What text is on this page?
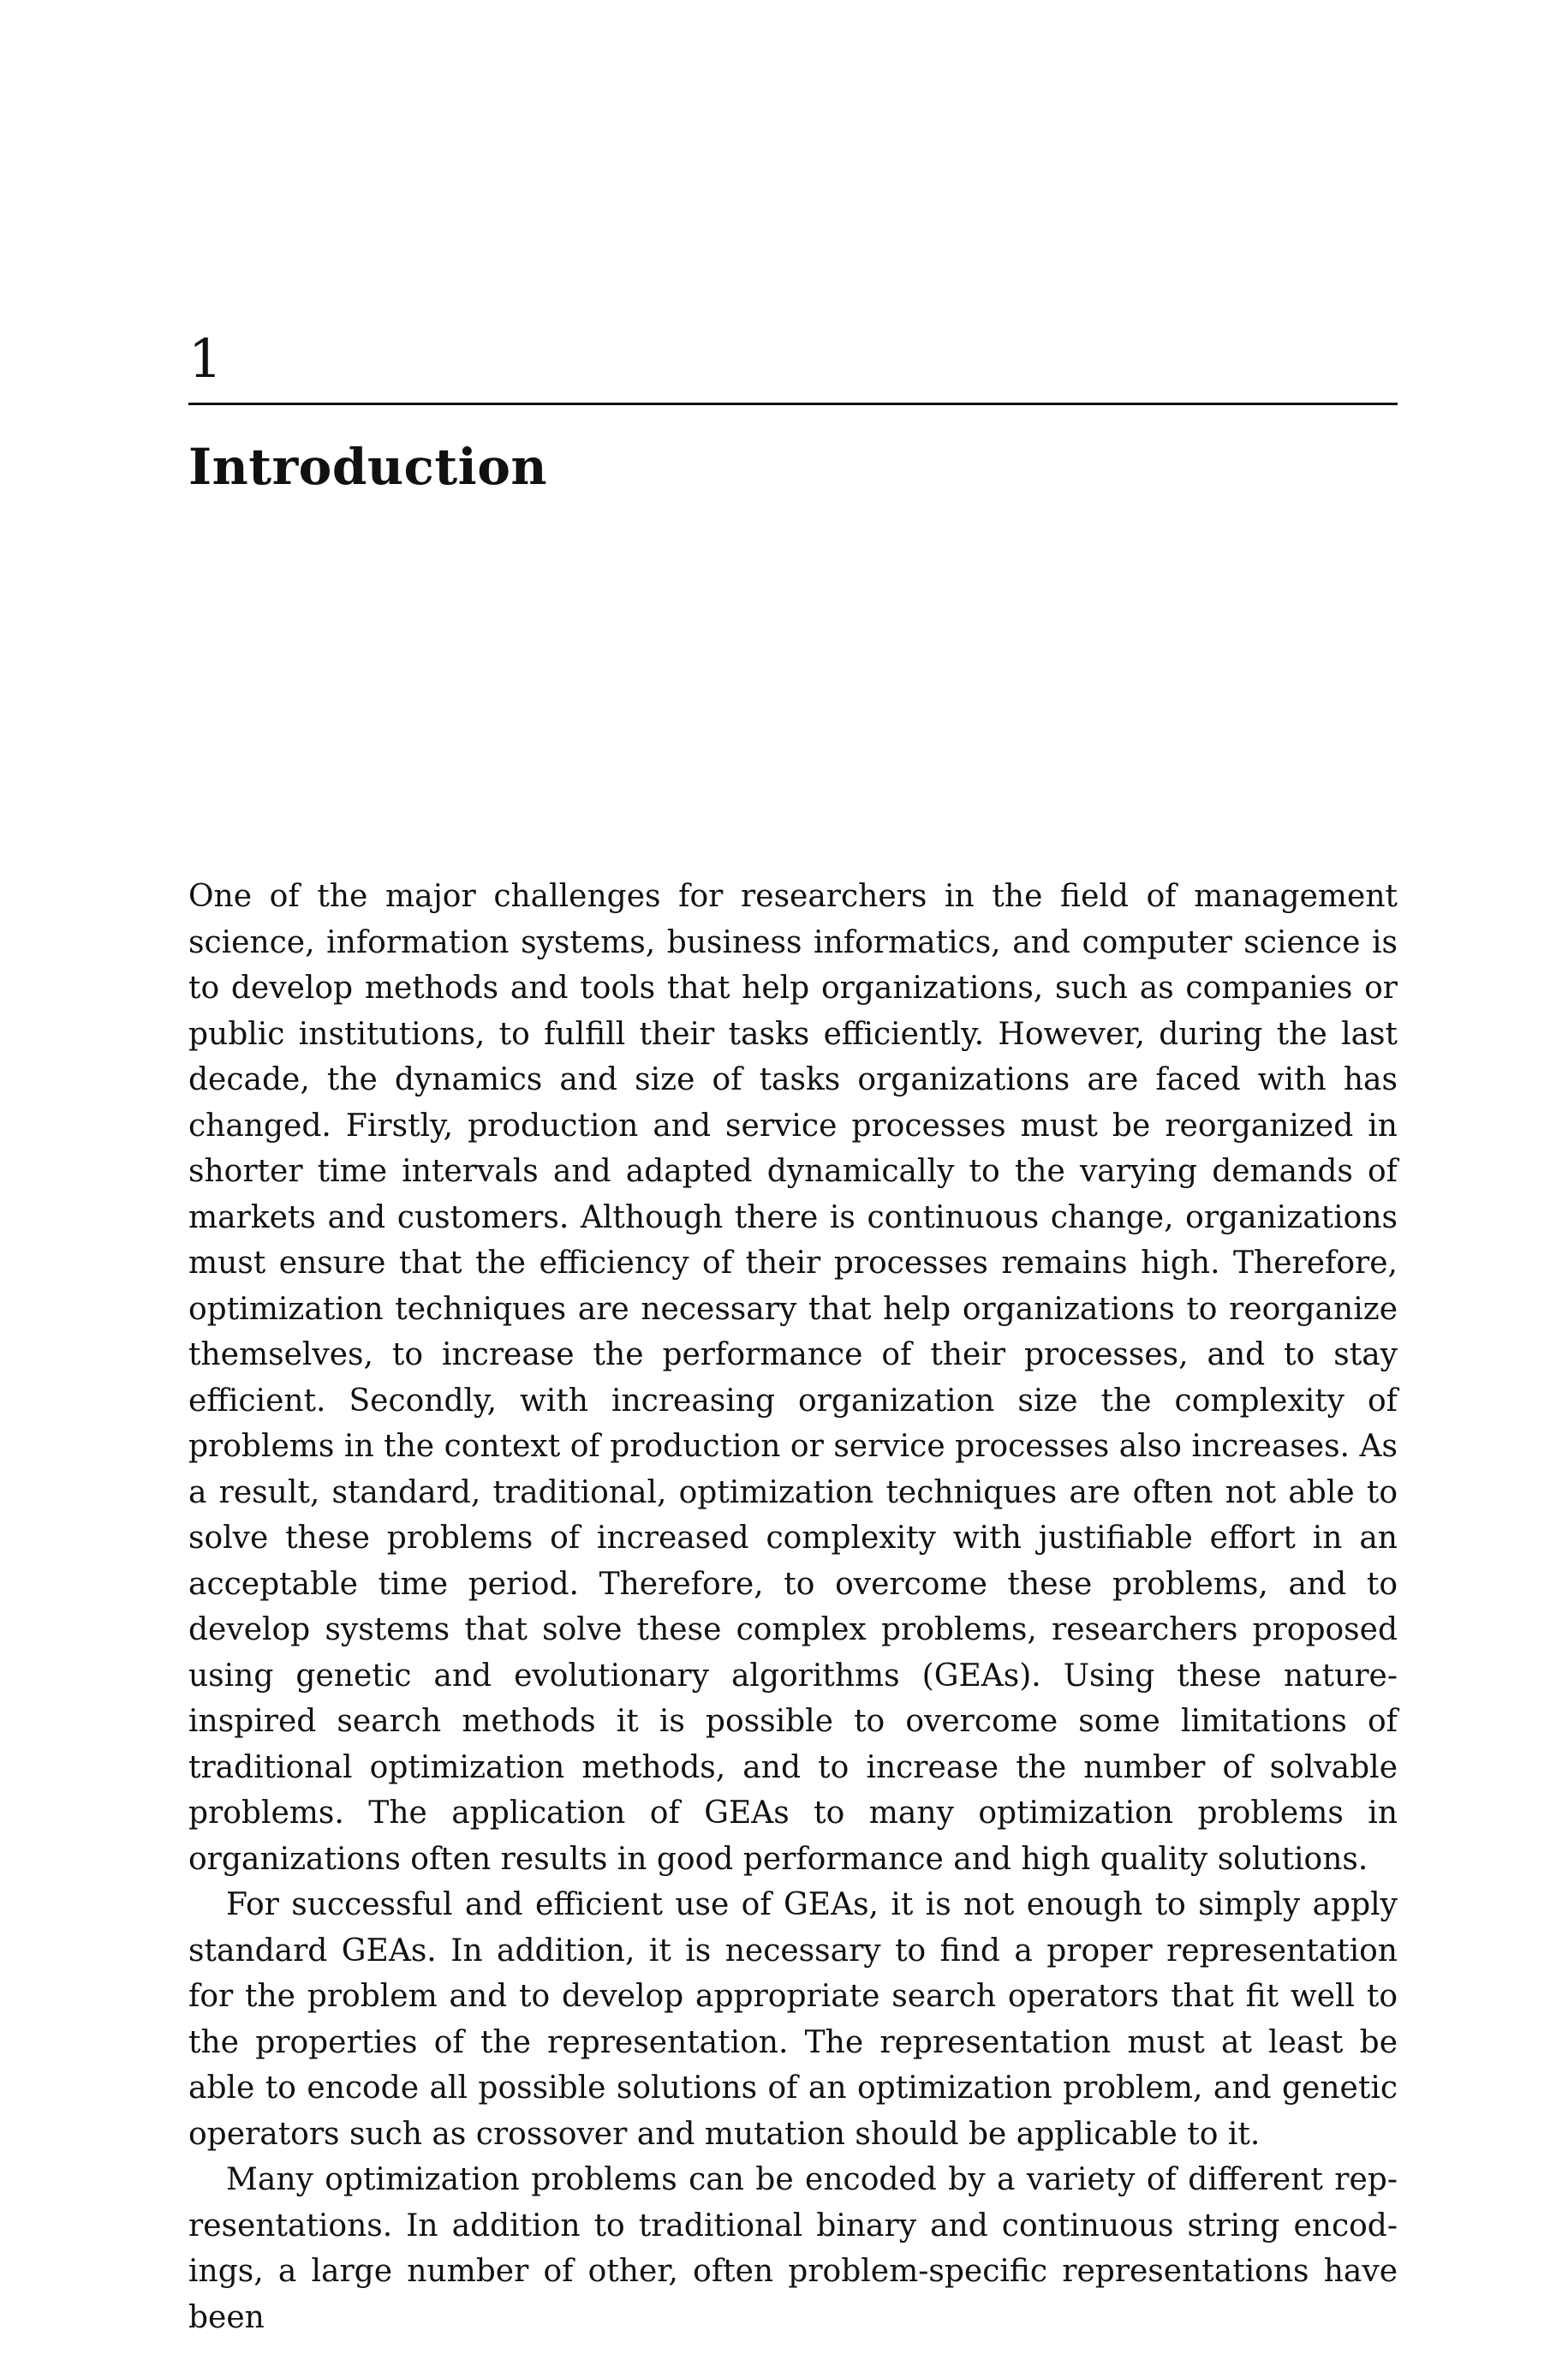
1
Introduction

One of the major challenges for researchers in the field of management science, information systems, business informatics, and computer science is to develop methods and tools that help organizations, such as companies or public institutions, to fulfill their tasks efficiently. However, during the last decade, the dynamics and size of tasks organizations are faced with has changed. Firstly, production and service processes must be reorganized in shorter time intervals and adapted dynamically to the varying demands of markets and customers. Although there is continuous change, organizations must ensure that the efficiency of their processes remains high. Therefore, optimization techniques are necessary that help organizations to reorganize themselves, to increase the performance of their processes, and to stay efficient. Secondly, with increasing organization size the complexity of problems in the context of production or service processes also increases. As a result, standard, traditional, optimization techniques are often not able to solve these problems of increased complexity with justifiable effort in an acceptable time period. Therefore, to overcome these problems, and to develop systems that solve these complex problems, researchers proposed using genetic and evolutionary algorithms (GEAs). Using these nature-inspired search methods it is possible to overcome some limitations of traditional optimization methods, and to increase the number of solvable problems. The application of GEAs to many optimization problems in organizations often results in good performance and high quality solutions.

For successful and efficient use of GEAs, it is not enough to simply apply standard GEAs. In addition, it is necessary to find a proper representation for the problem and to develop appropriate search operators that fit well to the properties of the representation. The representation must at least be able to encode all possible solutions of an optimization problem, and genetic operators such as crossover and mutation should be applicable to it.

Many optimization problems can be encoded by a variety of different representations. In addition to traditional binary and continuous string encodings, a large number of other, often problem-specific representations have been
